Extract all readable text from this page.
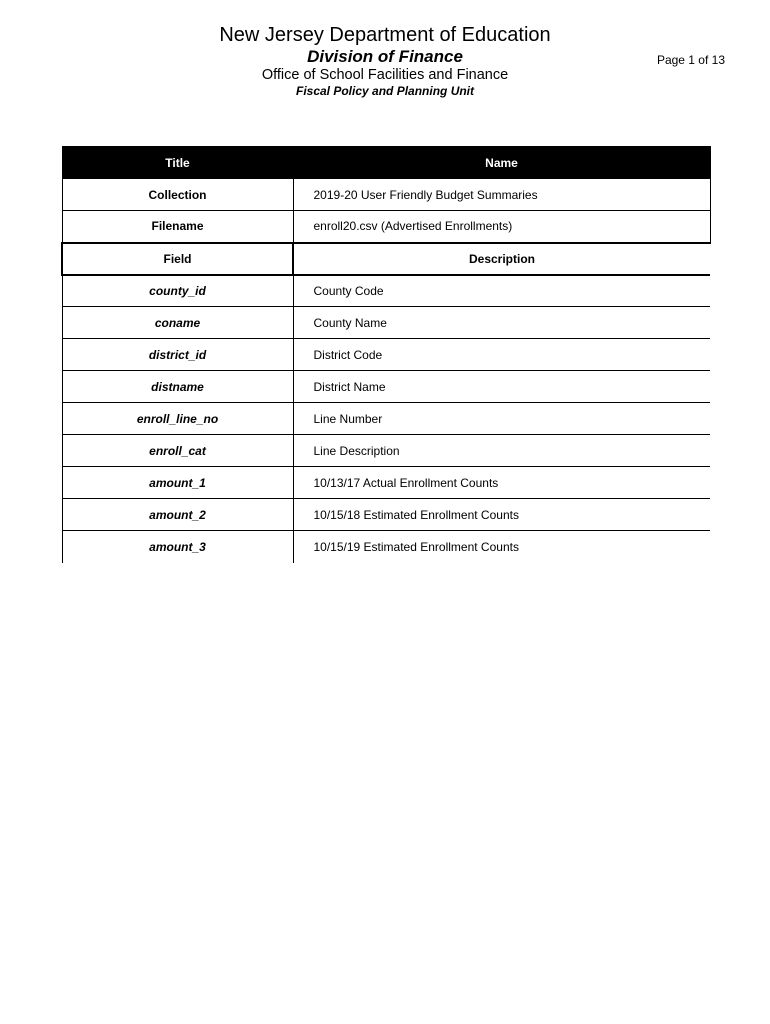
New Jersey Department of Education
Division of Finance
Office of School Facilities and Finance
Fiscal Policy and Planning Unit
Page 1 of 13
Title	Name
Collection	2019-20 User Friendly Budget Summaries
Filename	enroll20.csv (Advertised Enrollments)
Field	Description
county_id	County Code
coname	County Name
district_id	District Code
distname	District Name
enroll_line_no	Line Number
enroll_cat	Line Description
amount_1	10/13/17 Actual Enrollment Counts
amount_2	10/15/18 Estimated Enrollment Counts
amount_3	10/15/19 Estimated Enrollment Counts
